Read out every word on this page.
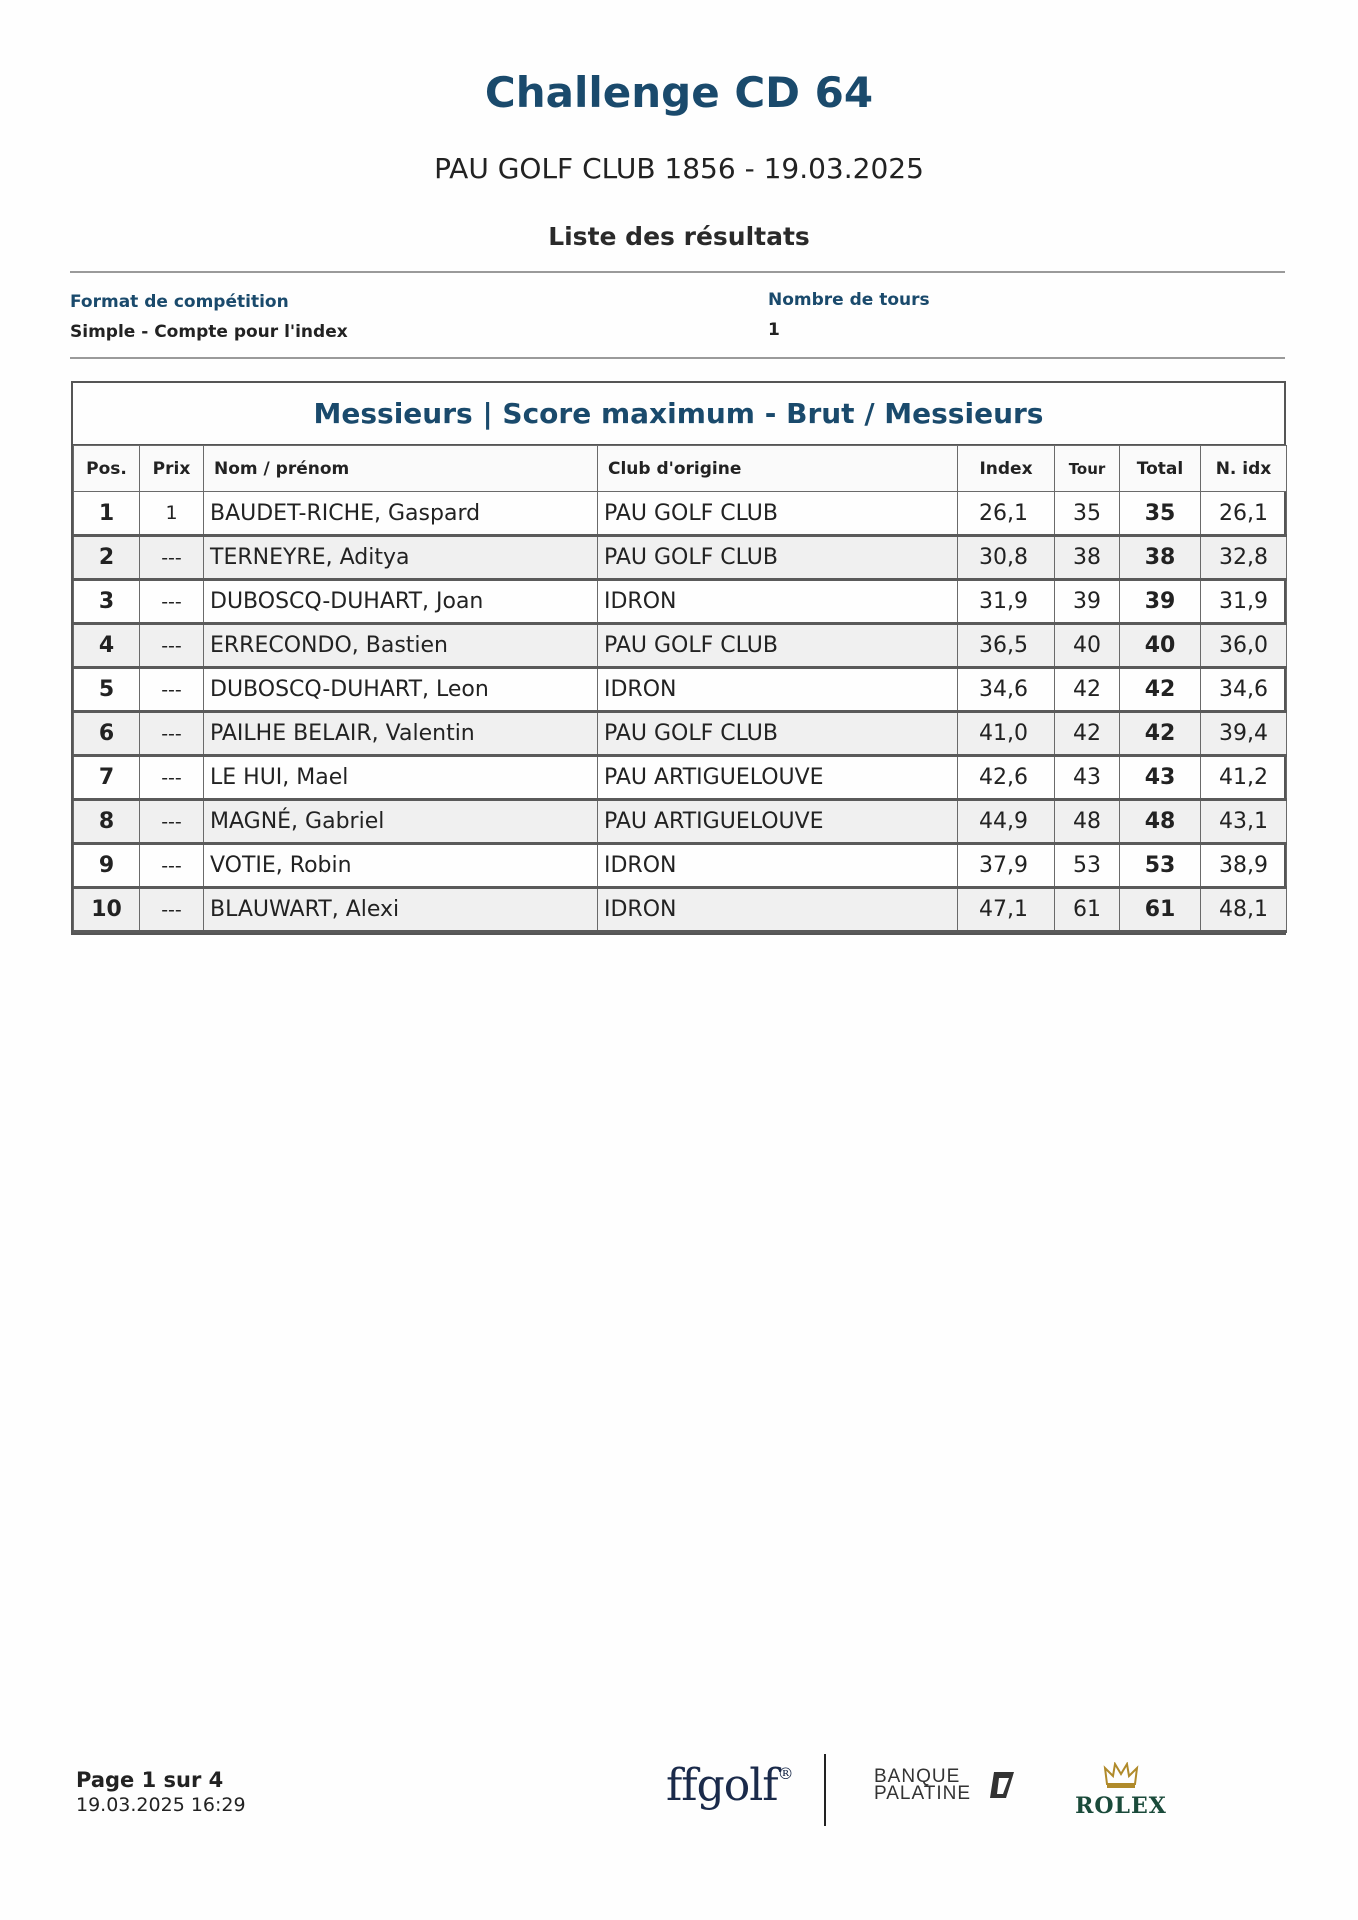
Challenge CD 64
PAU GOLF CLUB 1856 - 19.03.2025
Liste des résultats
Format de compétition
Simple - Compte pour l'index
Nombre de tours
1
Messieurs | Score maximum - Brut / Messieurs
Pos.	Prix	Nom / prénom	Club d'origine	Index	Tour	Total	N. idx
1	1	BAUDET-RICHE, Gaspard	PAU GOLF CLUB	26,1	35	35	26,1
2	---	TERNEYRE, Aditya	PAU GOLF CLUB	30,8	38	38	32,8
3	---	DUBOSCQ-DUHART, Joan	IDRON	31,9	39	39	31,9
4	---	ERRECONDO, Bastien	PAU GOLF CLUB	36,5	40	40	36,0
5	---	DUBOSCQ-DUHART, Leon	IDRON	34,6	42	42	34,6
6	---	PAILHE BELAIR, Valentin	PAU GOLF CLUB	41,0	42	42	39,4
7	---	LE HUI, Mael	PAU ARTIGUELOUVE	42,6	43	43	41,2
8	---	MAGNÉ, Gabriel	PAU ARTIGUELOUVE	44,9	48	48	43,1
9	---	VOTIE, Robin	IDRON	37,9	53	53	38,9
10	---	BLAUWART, Alexi	IDRON	47,1	61	61	48,1
Page 1 sur 4
19.03.2025 16:29	ffgolf®	BANQUE
PALATINE	ROLEX
